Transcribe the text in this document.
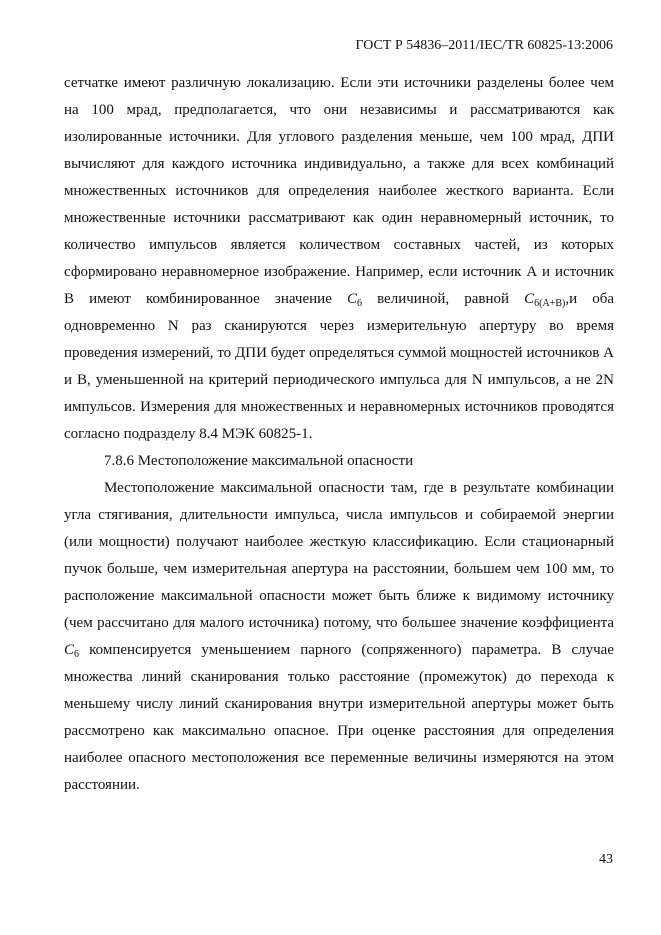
ГОСТ Р 54836–2011/IEC/TR 60825-13:2006

сетчатке имеют различную локализацию. Если эти источники разделены более чем на 100 мрад, предполагается, что они независимы и рассматриваются как изолированные источники. Для углового разделения меньше, чем 100 мрад, ДПИ вычисляют для каждого источника индивидуально, а также для всех комбинаций множественных источников для определения наиболее жесткого варианта. Если множественные источники рассматривают как один неравномерный источник, то количество импульсов является количеством составных частей, из которых сформировано неравномерное изображение. Например, если источник А и источник В имеют комбинированное значение $C_6$ величиной, равной $C_{6(A+B)},и$ оба одновременно N раз сканируются через измерительную апертуру во время проведения измерений, то ДПИ будет определяться суммой мощностей источников А и В, уменьшенной на критерий периодического импульса для N импульсов, а не 2N импульсов. Измерения для множественных и неравномерных источников проводятся согласно подразделу 8.4 МЭК 60825-1.

7.8.6 Местоположение максимальной опасности

Местоположение максимальной опасности там, где в результате комбинации угла стягивания, длительности импульса, числа импульсов и собираемой энергии (или мощности) получают наиболее жесткую классификацию. Если стационарный пучок больше, чем измерительная апертура на расстоянии, большем чем 100 мм, то расположение максимальной опасности может быть ближе к видимому источнику (чем рассчитано для малого источника) потому, что большее значение коэффициента $C_6$ компенсируется уменьшением парного (сопряженного) параметра. В случае множества линий сканирования только расстояние (промежуток) до перехода к меньшему числу линий сканирования внутри измерительной апертуры может быть рассмотрено как максимально опасное. При оценке расстояния для определения наиболее опасного местоположения все переменные величины измеряются на этом расстоянии.

43
